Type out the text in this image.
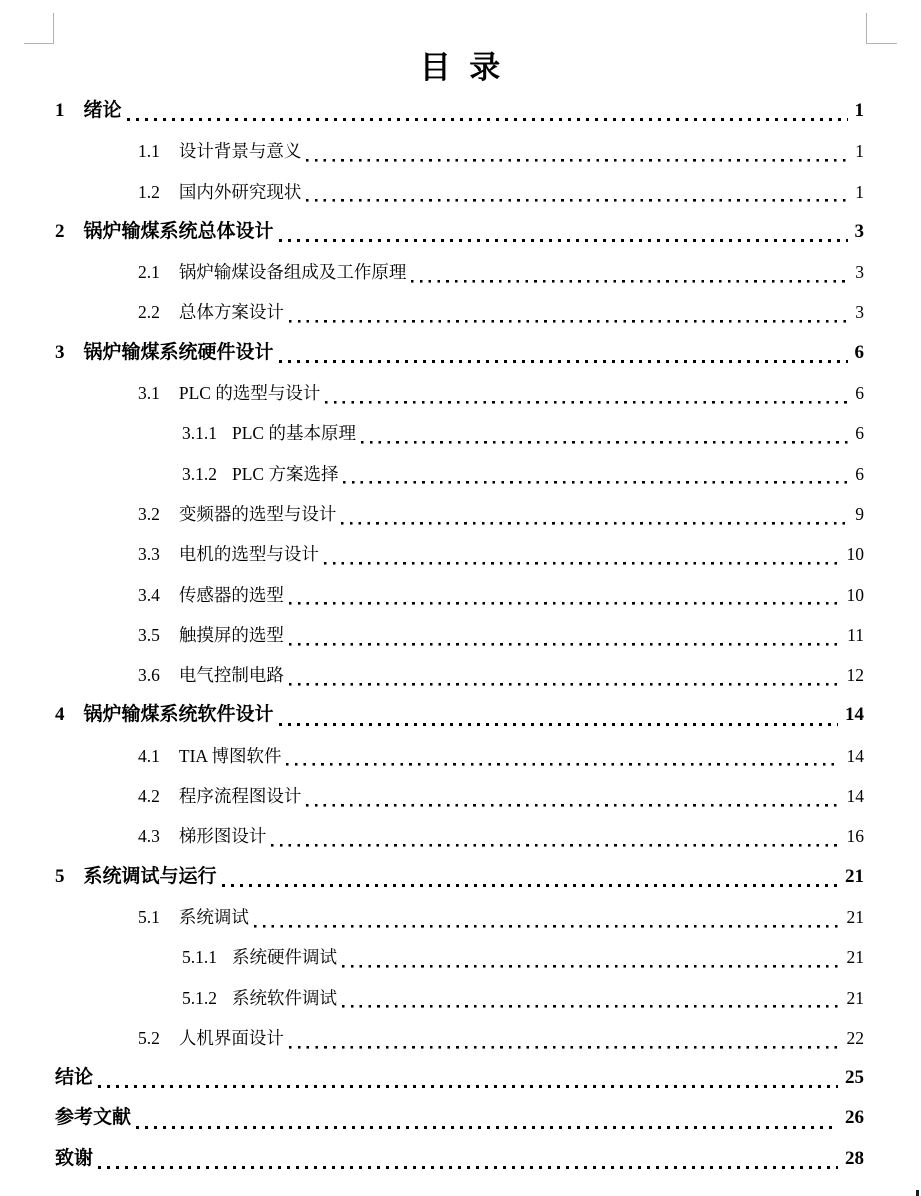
目  录
1 绪论	1
1.1 设计背景与意义	1
1.2 国内外研究现状	1
2 锅炉输煤系统总体设计	3
2.1 锅炉输煤设备组成及工作原理	3
2.2 总体方案设计	3
3 锅炉输煤系统硬件设计	6
3.1 PLC 的选型与设计	6
3.1.1 PLC 的基本原理	6
3.1.2 PLC 方案选择	6
3.2 变频器的选型与设计	9
3.3 电机的选型与设计	10
3.4 传感器的选型	10
3.5 触摸屏的选型	11
3.6 电气控制电路	12
4 锅炉输煤系统软件设计	14
4.1 TIA 博图软件	14
4.2 程序流程图设计	14
4.3 梯形图设计	16
5 系统调试与运行	21
5.1 系统调试	21
5.1.1 系统硬件调试	21
5.1.2 系统软件调试	21
5.2 人机界面设计	22
结论	25
参考文献	26
致谢	28
